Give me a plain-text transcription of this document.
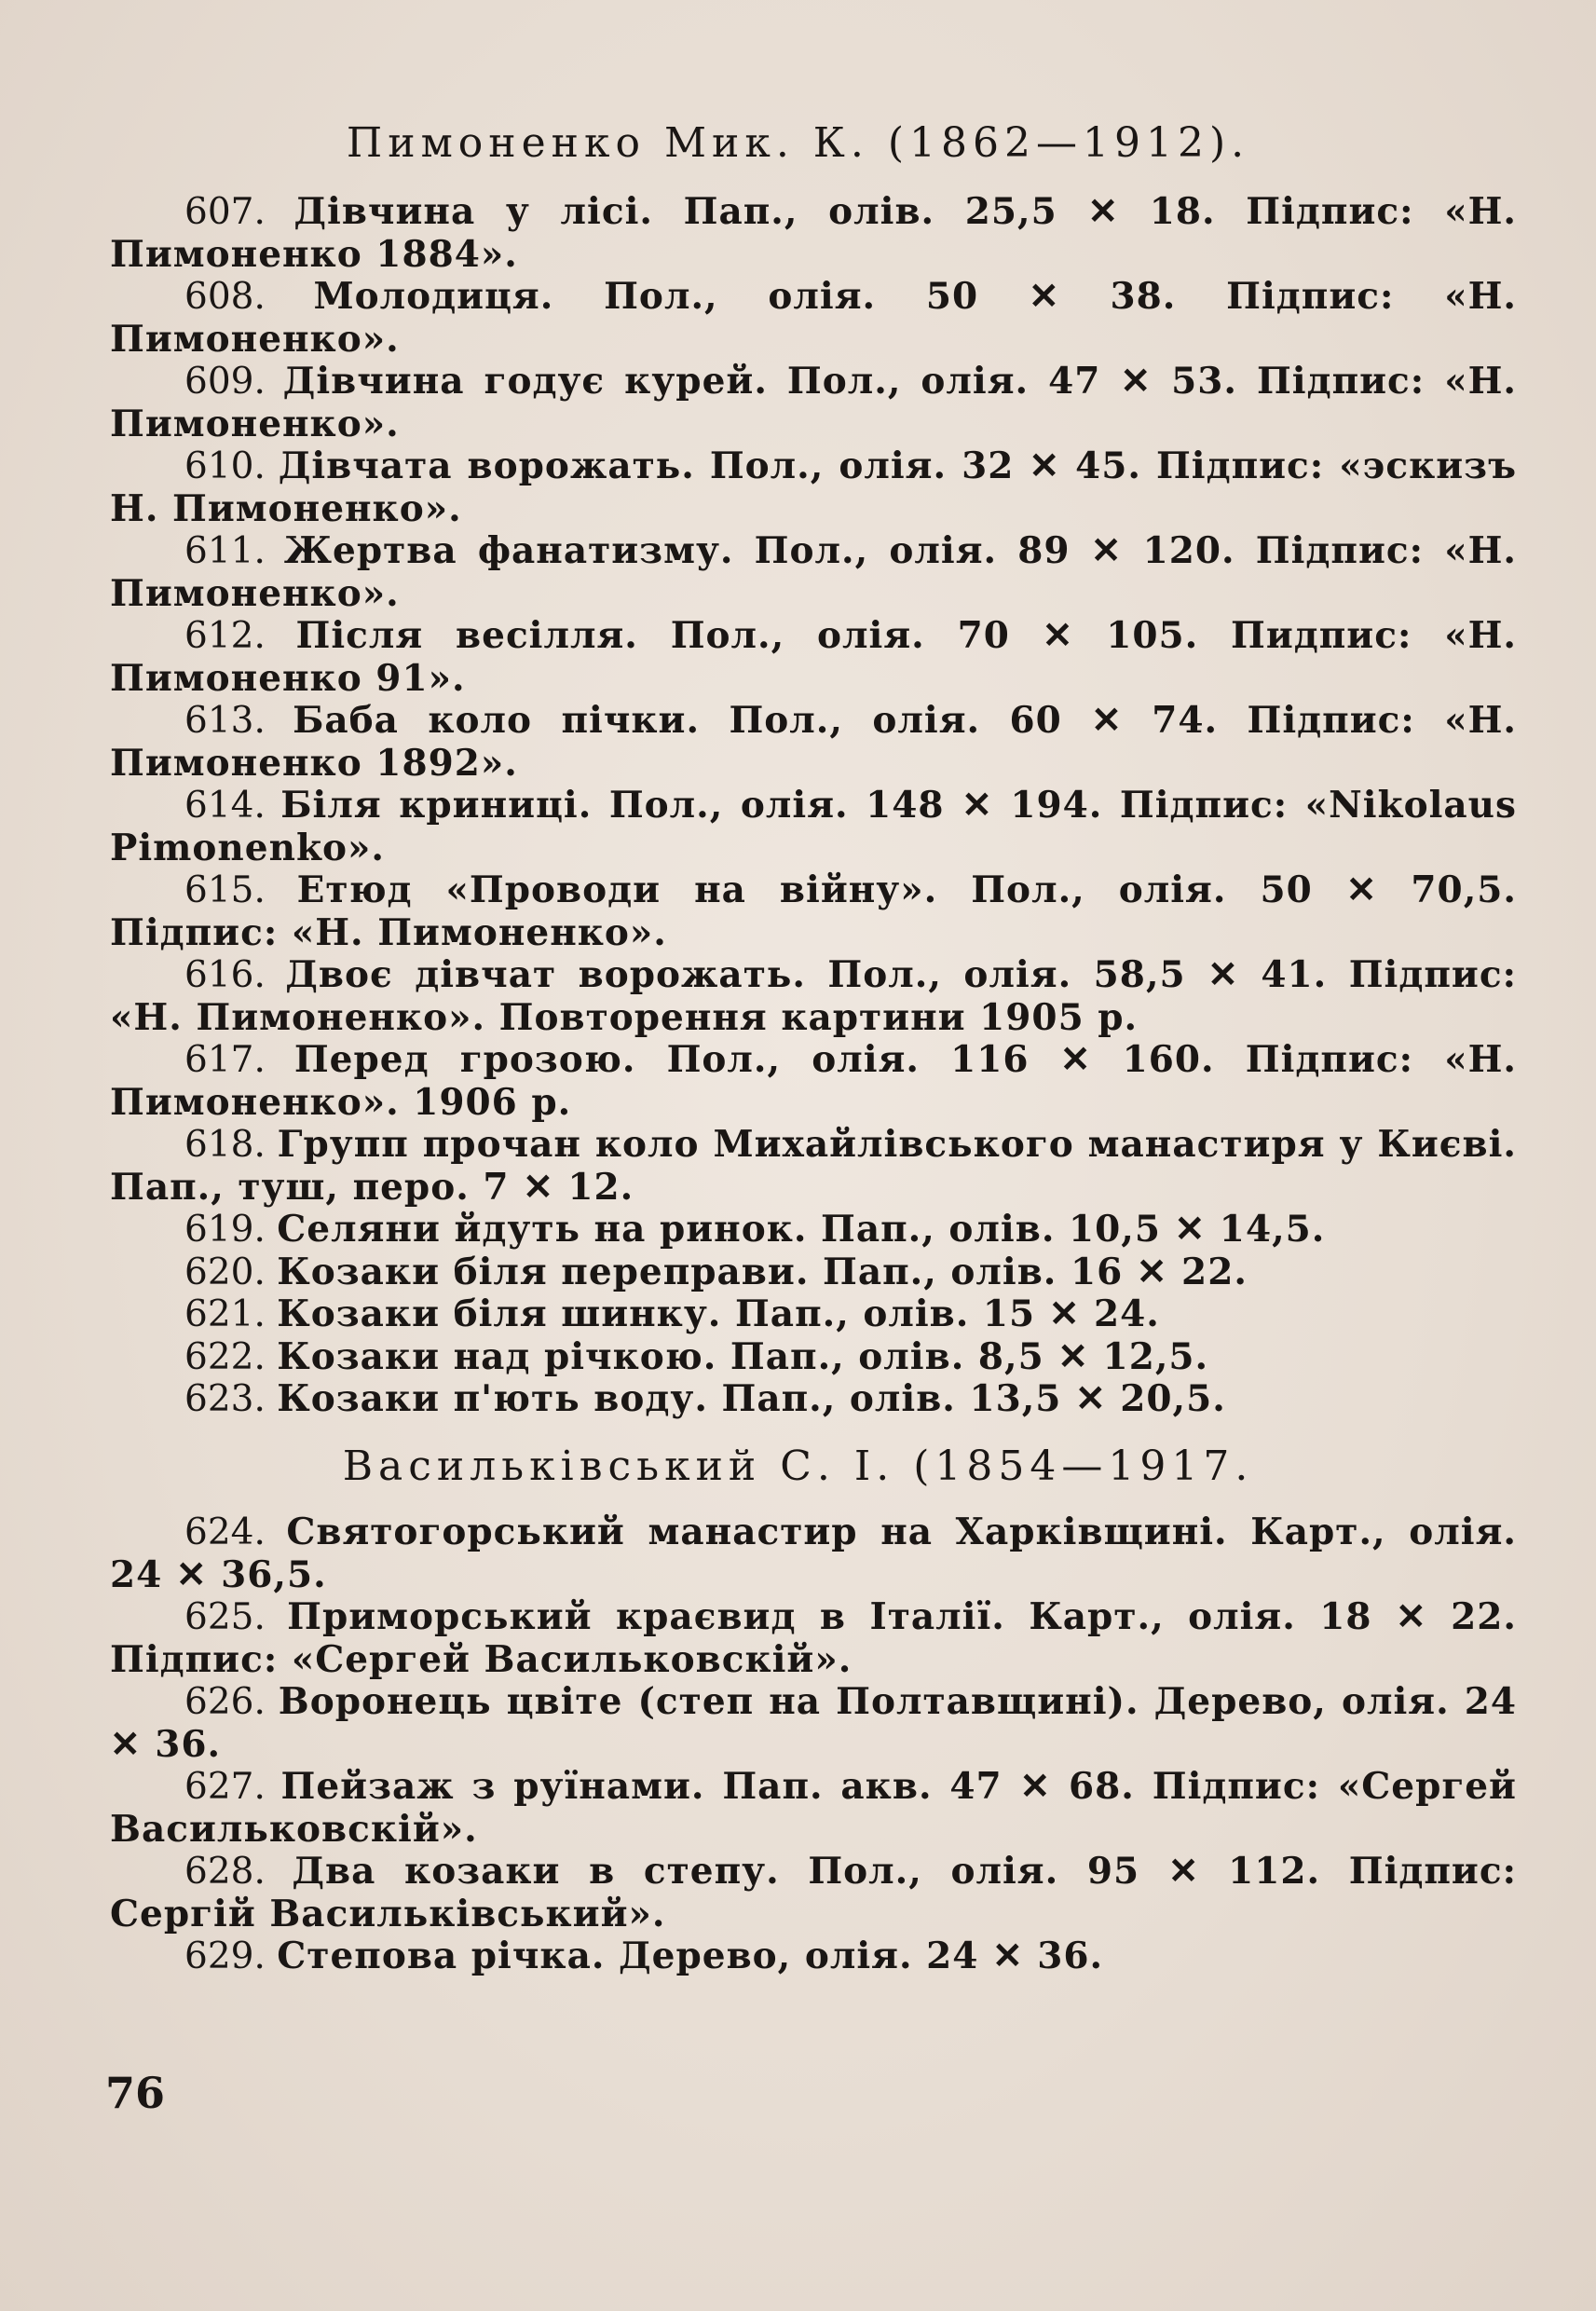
Пимоненко Мик. К. (1862—1912).
607. Дівчина у лісі. Пап., олів. 25,5 ✕ 18. Підпис: «Н. Пимоненко 1884».
608. Молодиця. Пол., олія. 50 ✕ 38. Підпис: «Н. Пимоненко».
609. Дівчина годує курей. Пол., олія. 47 ✕ 53. Підпис: «Н. Пимоненко».
610. Дівчата ворожать. Пол., олія. 32 ✕ 45. Підпис: «эскизъ Н. Пимоненко».
611. Жертва фанатизму. Пол., олія. 89 ✕ 120. Підпис: «Н. Пимоненко».
612. Після весілля. Пол., олія. 70 ✕ 105. Пидпис: «Н. Пимоненко 91».
613. Баба коло пічки. Пол., олія. 60 ✕ 74. Підпис: «Н. Пимоненко 1892».
614. Біля криниці. Пол., олія. 148 ✕ 194. Підпис: «Nikolaus Pimonenko».
615. Етюд «Проводи на війну». Пол., олія. 50 ✕ 70,5. Підпис: «Н. Пимоненко».
616. Двоє дівчат ворожать. Пол., олія. 58,5 ✕ 41. Підпис: «Н. Пимоненко». Повторення картини 1905 р.
617. Перед грозою. Пол., олія. 116 ✕ 160. Підпис: «Н. Пимоненко». 1906 р.
618. Групп прочан коло Михайлівського манастиря у Києві. Пап., туш, перо. 7 ✕ 12.
619. Селяни йдуть на ринок. Пап., олів. 10,5 ✕ 14,5.
620. Козаки біля переправи. Пап., олів. 16 ✕ 22.
621. Козаки біля шинку. Пап., олів. 15 ✕ 24.
622. Козаки над річкою. Пап., олів. 8,5 ✕ 12,5.
623. Козаки п'ють воду. Пап., олів. 13,5 ✕ 20,5.
Васильківський С. І. (1854—1917.
624. Святогорський манастир на Харківщині. Карт., олія. 24 ✕ 36,5.
625. Приморський краєвид в Італії. Карт., олія. 18 ✕ 22. Підпис: «Сергей Васильковскій».
626. Воронець цвіте (степ на Полтавщині). Дерево, олія. 24 ✕ 36.
627. Пейзаж з руїнами. Пап. акв. 47 ✕ 68. Підпис: «Сергей Васильковскій».
628. Два козаки в степу. Пол., олія. 95 ✕ 112. Підпис: Сергій Васильківський».
629. Степова річка. Дерево, олія. 24 ✕ 36.
76
